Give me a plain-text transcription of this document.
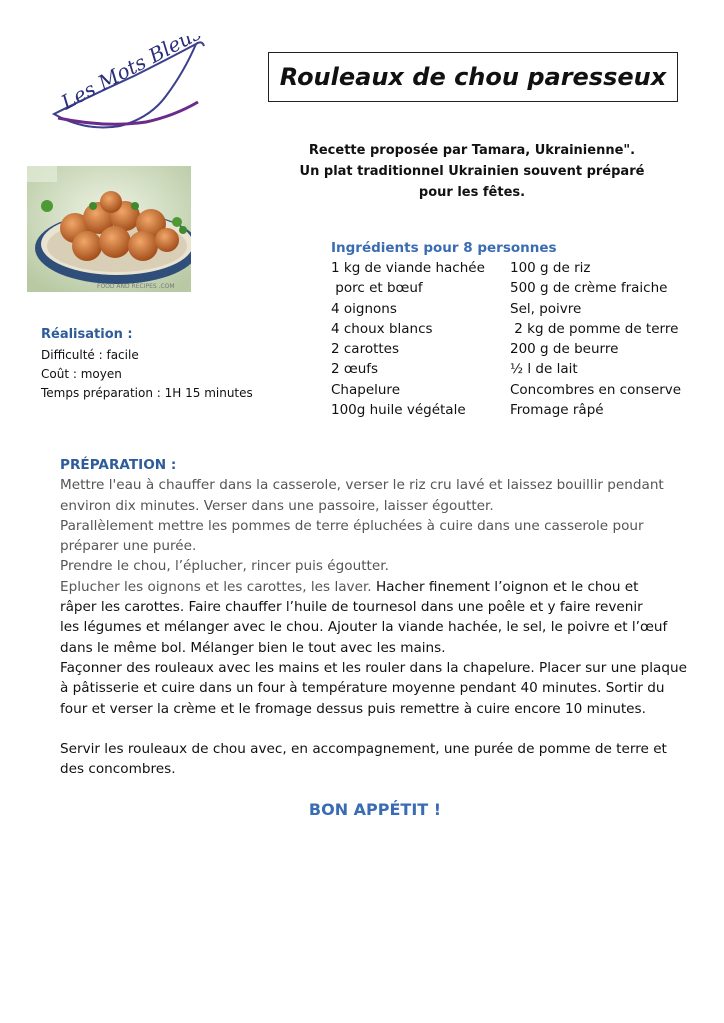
Les Mots Bleus	Rouleaux de chou paresseux
Recette proposée par Tamara, Ukrainienne".
Un plat traditionnel Ukrainien souvent préparé
pour les fêtes.
FOOD AND RECIPES .COM
Réalisation :
Difficulté : facile
Coût : moyen
Temps préparation : 1H 15 minutes
Ingrédients pour 8 personnes
1 kg de viande hachée	100 g de riz
porc et bœuf	500 g de crème fraiche
4 oignons	Sel, poivre
4 choux blancs	2 kg de pomme de terre
2 carottes	200 g de beurre
2 œufs	½ l de lait
Chapelure	Concombres en conserve
100g huile végétale	Fromage râpé
PRÉPARATION :
Mettre l'eau à chauffer dans la casserole, verser le riz cru lavé et laissez bouillir pendant
environ dix minutes. Verser dans une passoire, laisser égoutter.
Parallèlement mettre les pommes de terre épluchées à cuire dans une casserole pour
préparer une purée.
Prendre le chou, l’éplucher, rincer puis égoutter.
Eplucher les oignons et les carottes, les laver. Hacher finement l’oignon et le chou et
râper les carottes. Faire chauffer l’huile de tournesol dans une poêle et y faire revenir
les légumes et mélanger avec le chou. Ajouter la viande hachée, le sel, le poivre et l’œuf
dans le même bol. Mélanger bien le tout avec les mains.
Façonner des rouleaux avec les mains et les rouler dans la chapelure. Placer sur une plaque
à pâtisserie et cuire dans un four à température moyenne pendant 40 minutes. Sortir du
four et verser la crème et le fromage dessus puis remettre à cuire encore 10 minutes.
Servir les rouleaux de chou avec, en accompagnement, une purée de pomme de terre et
des concombres.
BON APPÉTIT !
